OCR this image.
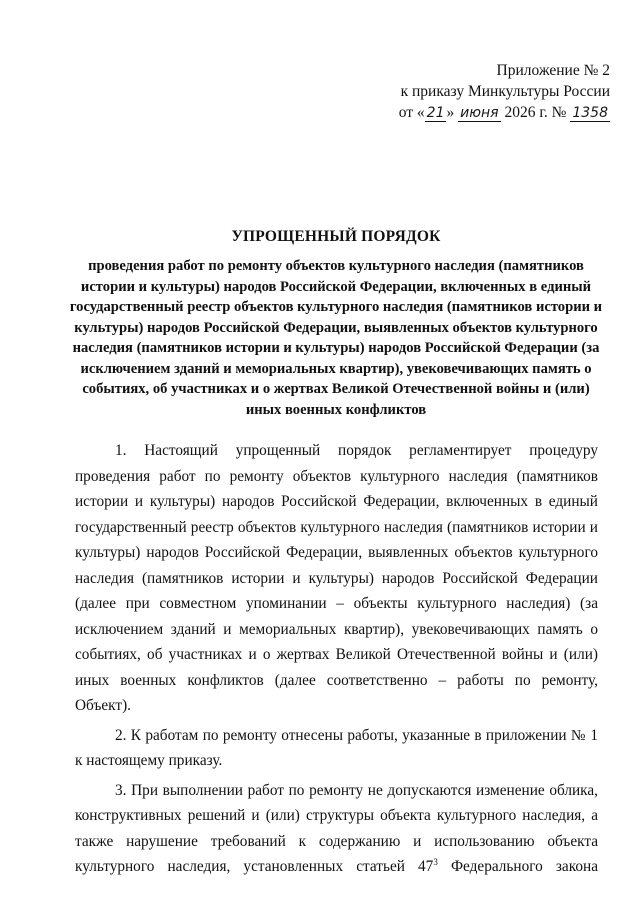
Приложение № 2
к приказу Минкультуры России
от « 21 » июня 2026 г. № 1358
УПРОЩЕННЫЙ ПОРЯДОК
проведения работ по ремонту объектов культурного наследия (памятников истории и культуры) народов Российской Федерации, включенных в единый государственный реестр объектов культурного наследия (памятников истории и культуры) народов Российской Федерации, выявленных объектов культурного наследия (памятников истории и культуры) народов Российской Федерации (за исключением зданий и мемориальных квартир), увековечивающих память о событиях, об участниках и о жертвах Великой Отечественной войны и (или) иных военных конфликтов

1. Настоящий упрощенный порядок регламентирует процедуру проведения работ по ремонту объектов культурного наследия (памятников истории и культуры) народов Российской Федерации, включенных в единый государственный реестр объектов культурного наследия (памятников истории и культуры) народов Российской Федерации, выявленных объектов культурного наследия (памятников истории и культуры) народов Российской Федерации (далее при совместном упоминании – объекты культурного наследия) (за исключением зданий и мемориальных квартир), увековечивающих память о событиях, об участниках и о жертвах Великой Отечественной войны и (или) иных военных конфликтов (далее соответственно – работы по ремонту, Объект).

2. К работам по ремонту отнесены работы, указанные в приложении № 1 к настоящему приказу.

3. При выполнении работ по ремонту не допускаются изменение облика, конструктивных решений и (или) структуры объекта культурного наследия, а также нарушение требований к содержанию и использованию объекта культурного наследия, установленных статьей $47^3$ Федерального закона
